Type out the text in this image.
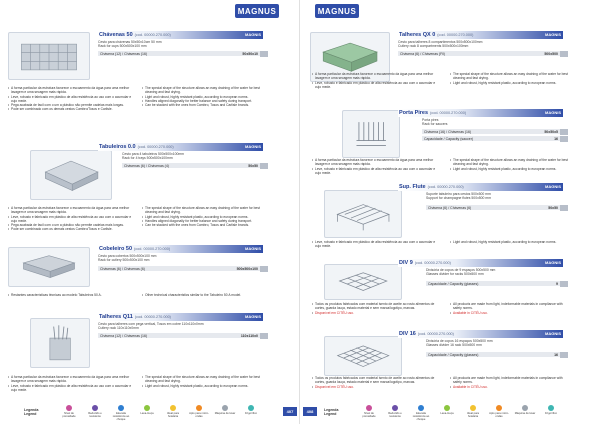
MAGNUS
Chávenas 50 (cod. 00000.270.000)	MAGNIS
Cesto para chávenas 50x50x10cm 50 mm
Rack for cups 500x500x100 mm
Chávena (12) / Chávenas (16)	50x50x10
• A forma particular da estrutura favorece o escoamento da água para uma melhor lavagem e uma secagem mais rápida.
• Leve, robusto e fabricado em plástico de alta resistência ao uso com o acumular e cujo mede.
• Pega acabada de facil com o um a plástico não permite cadeias mais longas.
• Pode ser combinado com os demais cestos Cambro/Tosos e Carlisle.
• The special shape of the structure allows an easy draining of the water for best cleaning and fast drying.
• Light and robust, highly resistant plastic, according to european norms.
• Handles aligned diagonally for better balance and safety during transport.
• Can be stacked with the ones from Cambro, Tosos and Carlisle brands.
Tabuleiros 0.0 (cod. 00000.270.000)	MAGNIS
Cesto para 4 tabuleiros 500x500x100mm
Rack for 4 trays 500x500x100mm
Chávenas (6) / Chávenas (4)	50x50
• A forma particular da estrutura favorece o escoamento da água para uma melhor lavagem e uma secagem mais rápida.
• Leve, robusto e fabricado em plástico de alta resistência ao uso com o acumular e cujo mede.
• Pega acabada de facil com o um a plástico não permite cadeias mais longas.
• Pode ser combinado com os demais cestos Cambro/Tosos e Carlisle.
• The special shape of the structure allows an easy draining of the water for best cleaning and fast drying.
• Light and robust, highly resistant plastic, according to european norms.
• Handles aligned diagonally for better balance and safety during transport.
• Can be stacked with the ones from Cambro, Tosos and Carlisle brands.
Cobeleiro 50 (cod. 00000.270.000)	MAGNIS
Cesto para cobertos 500x500x100 mm
Rack for cutlery 500x500x100 mm
Chávenas (6) / Chávenas (6)	500x500x100
• Restantes características técnicas ao modelo Tabuleiros 50 A.	• Other technical characteristics similar to the Tabuleiro 50 A model.
Talheres Q11 (cod. 00000.270.000)	MAGNIS
Cesto para talheres com pega vertical, Tosos em cobre 110x110x0mm
Cutlery rack 110x110x0mm
Chávena (12) / Chávenas (16)	110x110x0
• A forma particular da estrutura favorece o escoamento da água para uma melhor lavagem e uma secagem mais rápida.
• Leve, robusto e fabricado em plástico de alta resistência ao uso com o acumular e cujo mede.
• The special shape of the structure allows an easy draining of the water for best cleaning and fast drying.
• Light and robust, highly resistant plastic, according to european norms.
Legenda
Legend	Nível de porosidade
Reduzido e resistente
Elevada resistência ao choque
Lava-louça	Ideal para hotelaria
Apto para micro-ondas
Máquina de lavar	Frigorífico	407
MAGNUS
Talheres QX 0 (cod. 00000.270.000)	MAGNIS
Cesto para talheres 8 compartimentos 500x500x100mm
Cutlery rack 8 compartments 500x500x100mm
Chávena (6) / Chávenas (Fil)	500x500
• A forma particular da estrutura favorece o escoamento da água para uma melhor lavagem e uma secagem mais rápida.
• Leve, robusto e fabricado em plástico de alta resistência ao uso com o acumular e cujo mede.
• The special shape of the structure allows an easy draining of the water for best cleaning and fast drying.
• Light and robust, highly resistant plastic, according to european norms.
Porta Pires (cod. 00000.270.000)	MAGNIS
Porta pires
Rack for saucers
Chávena (16) / Chávenas (16)	50x50x5
Capacidade / Capacity (saucer)	16
• A forma particular da estrutura favorece o escoamento da água para uma melhor lavagem e uma secagem mais rápida.
• Leve, robusto e fabricado em plástico de alta resistência ao uso com o acumular e cujo mede.
• The special shape of the structure allows an easy draining of the water for best cleaning and fast drying.
• Light and robust, highly resistant plastic, according to european norms.
Sup. Flute (cod. 00000.270.000)	MAGNIS
Suporte tabuleiro para cestos 500x500 mm
Support for champagne flutes 500x500 mm
Chávena (6) / Chávenas (6)	50x50
• Leve, robusto e fabricado em plástico de alta resistência ao uso com o acumular e cujo mede.
• Light and robust, highly resistant plastic, according to european norms.
DIV 9 (cod. 00000.270.000)	MAGNIS
Divisória de copos de 9 espaços 500x500 mm
Glasses divider for racks 500x500 mm
Capacidade / Capacity (glasses)	9
• Todos os produtos fabricados com material isento de aceite ao rosto alimentos de cortes, guarda louça, estado material e sem marca/logotipo, marcas.
• Disponível em CITÉU uso.
• All products are made from light, indeformable materials in compliance with safety norms.
• Available in CITÉU uso.
DIV 16 (cod. 00000.270.000)	MAGNIS
Divisória de copos 16 espaços 500x500 mm
Glasses divider 16 rack 500x500 mm
Capacidade / Capacity (glasses)	16
• Todos os produtos fabricados com material isento de aceite ao rosto alimentos de cortes, guarda louça, estado material e sem marca/logotipo, marcas.
• Disponível em CITÉU uso.
• All products are made from light, indeformable materials in compliance with safety norms.
• Available in CITÉU uso.
408	Legenda
Legend	Nível de porosidade
Reduzido e resistente
Elevada resistência ao choque
Lava-louça	Ideal para hotelaria
Apto para micro-ondas
Máquina de lavar	Frigorífico
